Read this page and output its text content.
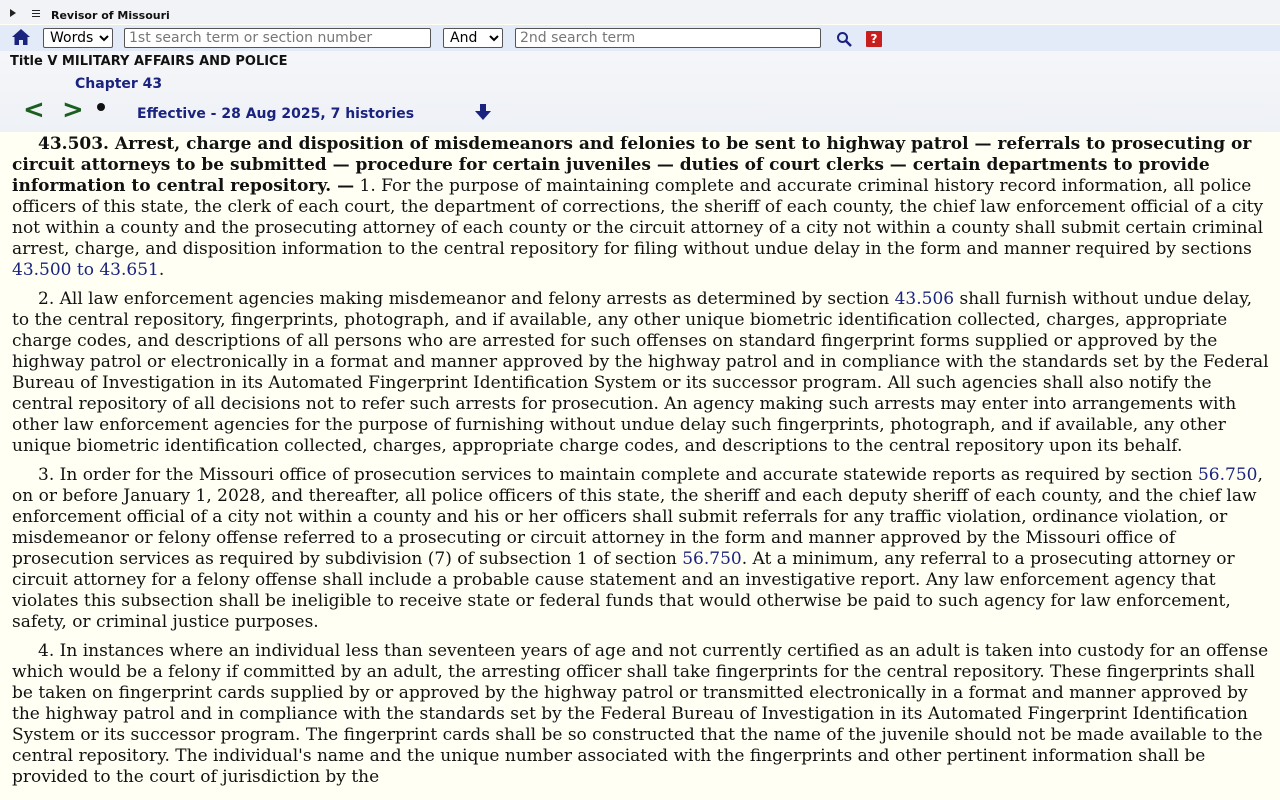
Revisor of Missouri
Words
1st search term or section number
And
2nd search term
?
Title V MILITARY AFFAIRS AND POLICE
Chapter 43
< >	Effective - 28 Aug 2025, 7 histories

43.503. Arrest, charge and disposition of misdemeanors and felonies to be sent to highway patrol — referrals to prosecuting or circuit attorneys to be submitted — procedure for certain juveniles — duties of court clerks — certain departments to provide information to central repository. — 1. For the purpose of maintaining complete and accurate criminal history record information, all police officers of this state, the clerk of each court, the department of corrections, the sheriff of each county, the chief law enforcement official of a city not within a county and the prosecuting attorney of each county or the circuit attorney of a city not within a county shall submit certain criminal arrest, charge, and disposition information to the central repository for filing without undue delay in the form and manner required by sections 43.500 to 43.651.

2. All law enforcement agencies making misdemeanor and felony arrests as determined by section 43.506 shall furnish without undue delay, to the central repository, fingerprints, photograph, and if available, any other unique biometric identification collected, charges, appropriate charge codes, and descriptions of all persons who are arrested for such offenses on standard fingerprint forms supplied or approved by the highway patrol or electronically in a format and manner approved by the highway patrol and in compliance with the standards set by the Federal Bureau of Investigation in its Automated Fingerprint Identification System or its successor program. All such agencies shall also notify the central repository of all decisions not to refer such arrests for prosecution. An agency making such arrests may enter into arrangements with other law enforcement agencies for the purpose of furnishing without undue delay such fingerprints, photograph, and if available, any other unique biometric identification collected, charges, appropriate charge codes, and descriptions to the central repository upon its behalf.

3. In order for the Missouri office of prosecution services to maintain complete and accurate statewide reports as required by section 56.750, on or before January 1, 2028, and thereafter, all police officers of this state, the sheriff and each deputy sheriff of each county, and the chief law enforcement official of a city not within a county and his or her officers shall submit referrals for any traffic violation, ordinance violation, or misdemeanor or felony offense referred to a prosecuting or circuit attorney in the form and manner approved by the Missouri office of prosecution services as required by subdivision (7) of subsection 1 of section 56.750. At a minimum, any referral to a prosecuting attorney or circuit attorney for a felony offense shall include a probable cause statement and an investigative report. Any law enforcement agency that violates this subsection shall be ineligible to receive state or federal funds that would otherwise be paid to such agency for law enforcement, safety, or criminal justice purposes.

4. In instances where an individual less than seventeen years of age and not currently certified as an adult is taken into custody for an offense which would be a felony if committed by an adult, the arresting officer shall take fingerprints for the central repository. These fingerprints shall be taken on fingerprint cards supplied by or approved by the highway patrol or transmitted electronically in a format and manner approved by the highway patrol and in compliance with the standards set by the Federal Bureau of Investigation in its Automated Fingerprint Identification System or its successor program. The fingerprint cards shall be so constructed that the name of the juvenile should not be made available to the central repository. The individual's name and the unique number associated with the fingerprints and other pertinent information shall be provided to the court of jurisdiction by the
